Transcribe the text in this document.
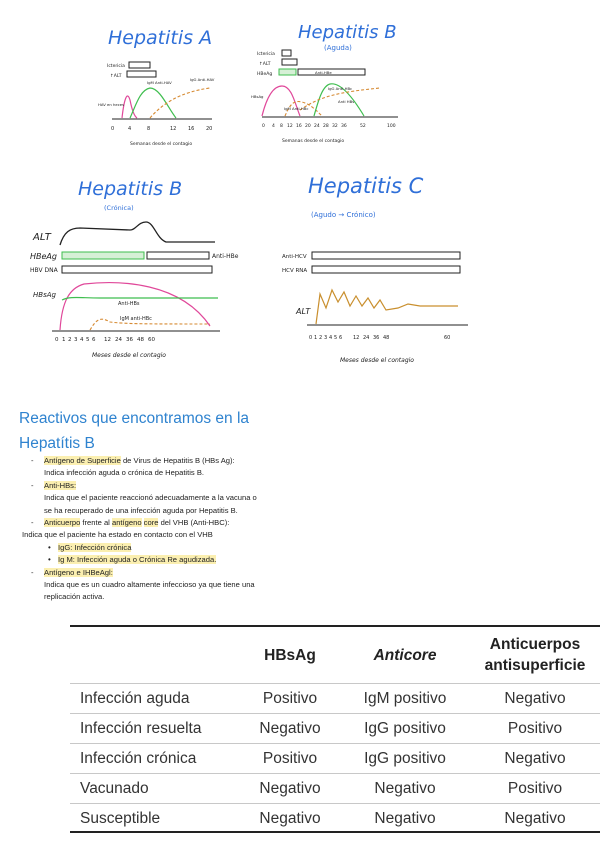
Hepatitis A
Ictericia
↑ALT
HAV en heces
IgM Anti-HAV
IgG Anti-HAV
0	4	8	12 16 20
Semanas desde el contagio
Hepatitis B
(Aguda)
Ictericia
↑ALT
HBeAg	Anti-HBe
HBsAg
IgG Anti-HBc
Anti HBs
IgM Anti-HBc
0 4 8 12 16 20 24 28 32 36	52	100
Semanas desde el contagio
Hepatitis B
(Crónica)
ALT
HBeAg
HBV DNA
HBsAg
Anti-HBe
Anti-HBs
IgM anti-HBc
0 1 2 3 4 5 6 12 24 36 48 60
Meses desde el contagio
Hepatitis C
(Agudo → Crónico)
Anti-HCV
HCV RNA
ALT
0 1 2 3 4 5 6 12 24 36 48	60
Meses desde el contagio
Reactivos que encontramos en la Hepatítis B
- Antígeno de Superficie de Virus de Hepatitis B (HBs Ag):
Indica infección aguda o crónica de Hepatitis B.
- Anti-HBs:
Indica que el paciente reaccionó adecuadamente a la vacuna o
se ha recuperado de una infección aguda por Hepatitis B.
- Anticuerpo frente al antígeno core del VHB (Anti-HBC):
Indica que el paciente ha estado en contacto con el VHB
• IgG: Infección crónica
• Ig M: Infección aguda o Crónica Re agudizada.
- Antígeno e IHBeAgl:
Indica que es un cuadro altamente infeccioso ya que tiene una
replicación activa.
	HBsAg	Anticore	Anticuerpos antisuperficie
Infección aguda	Positivo	IgM positivo	Negativo
Infección resuelta	Negativo	IgG positivo	Positivo
Infección crónica	Positivo	IgG positivo	Negativo
Vacunado	Negativo	Negativo	Positivo
Susceptible	Negativo	Negativo	Negativo
